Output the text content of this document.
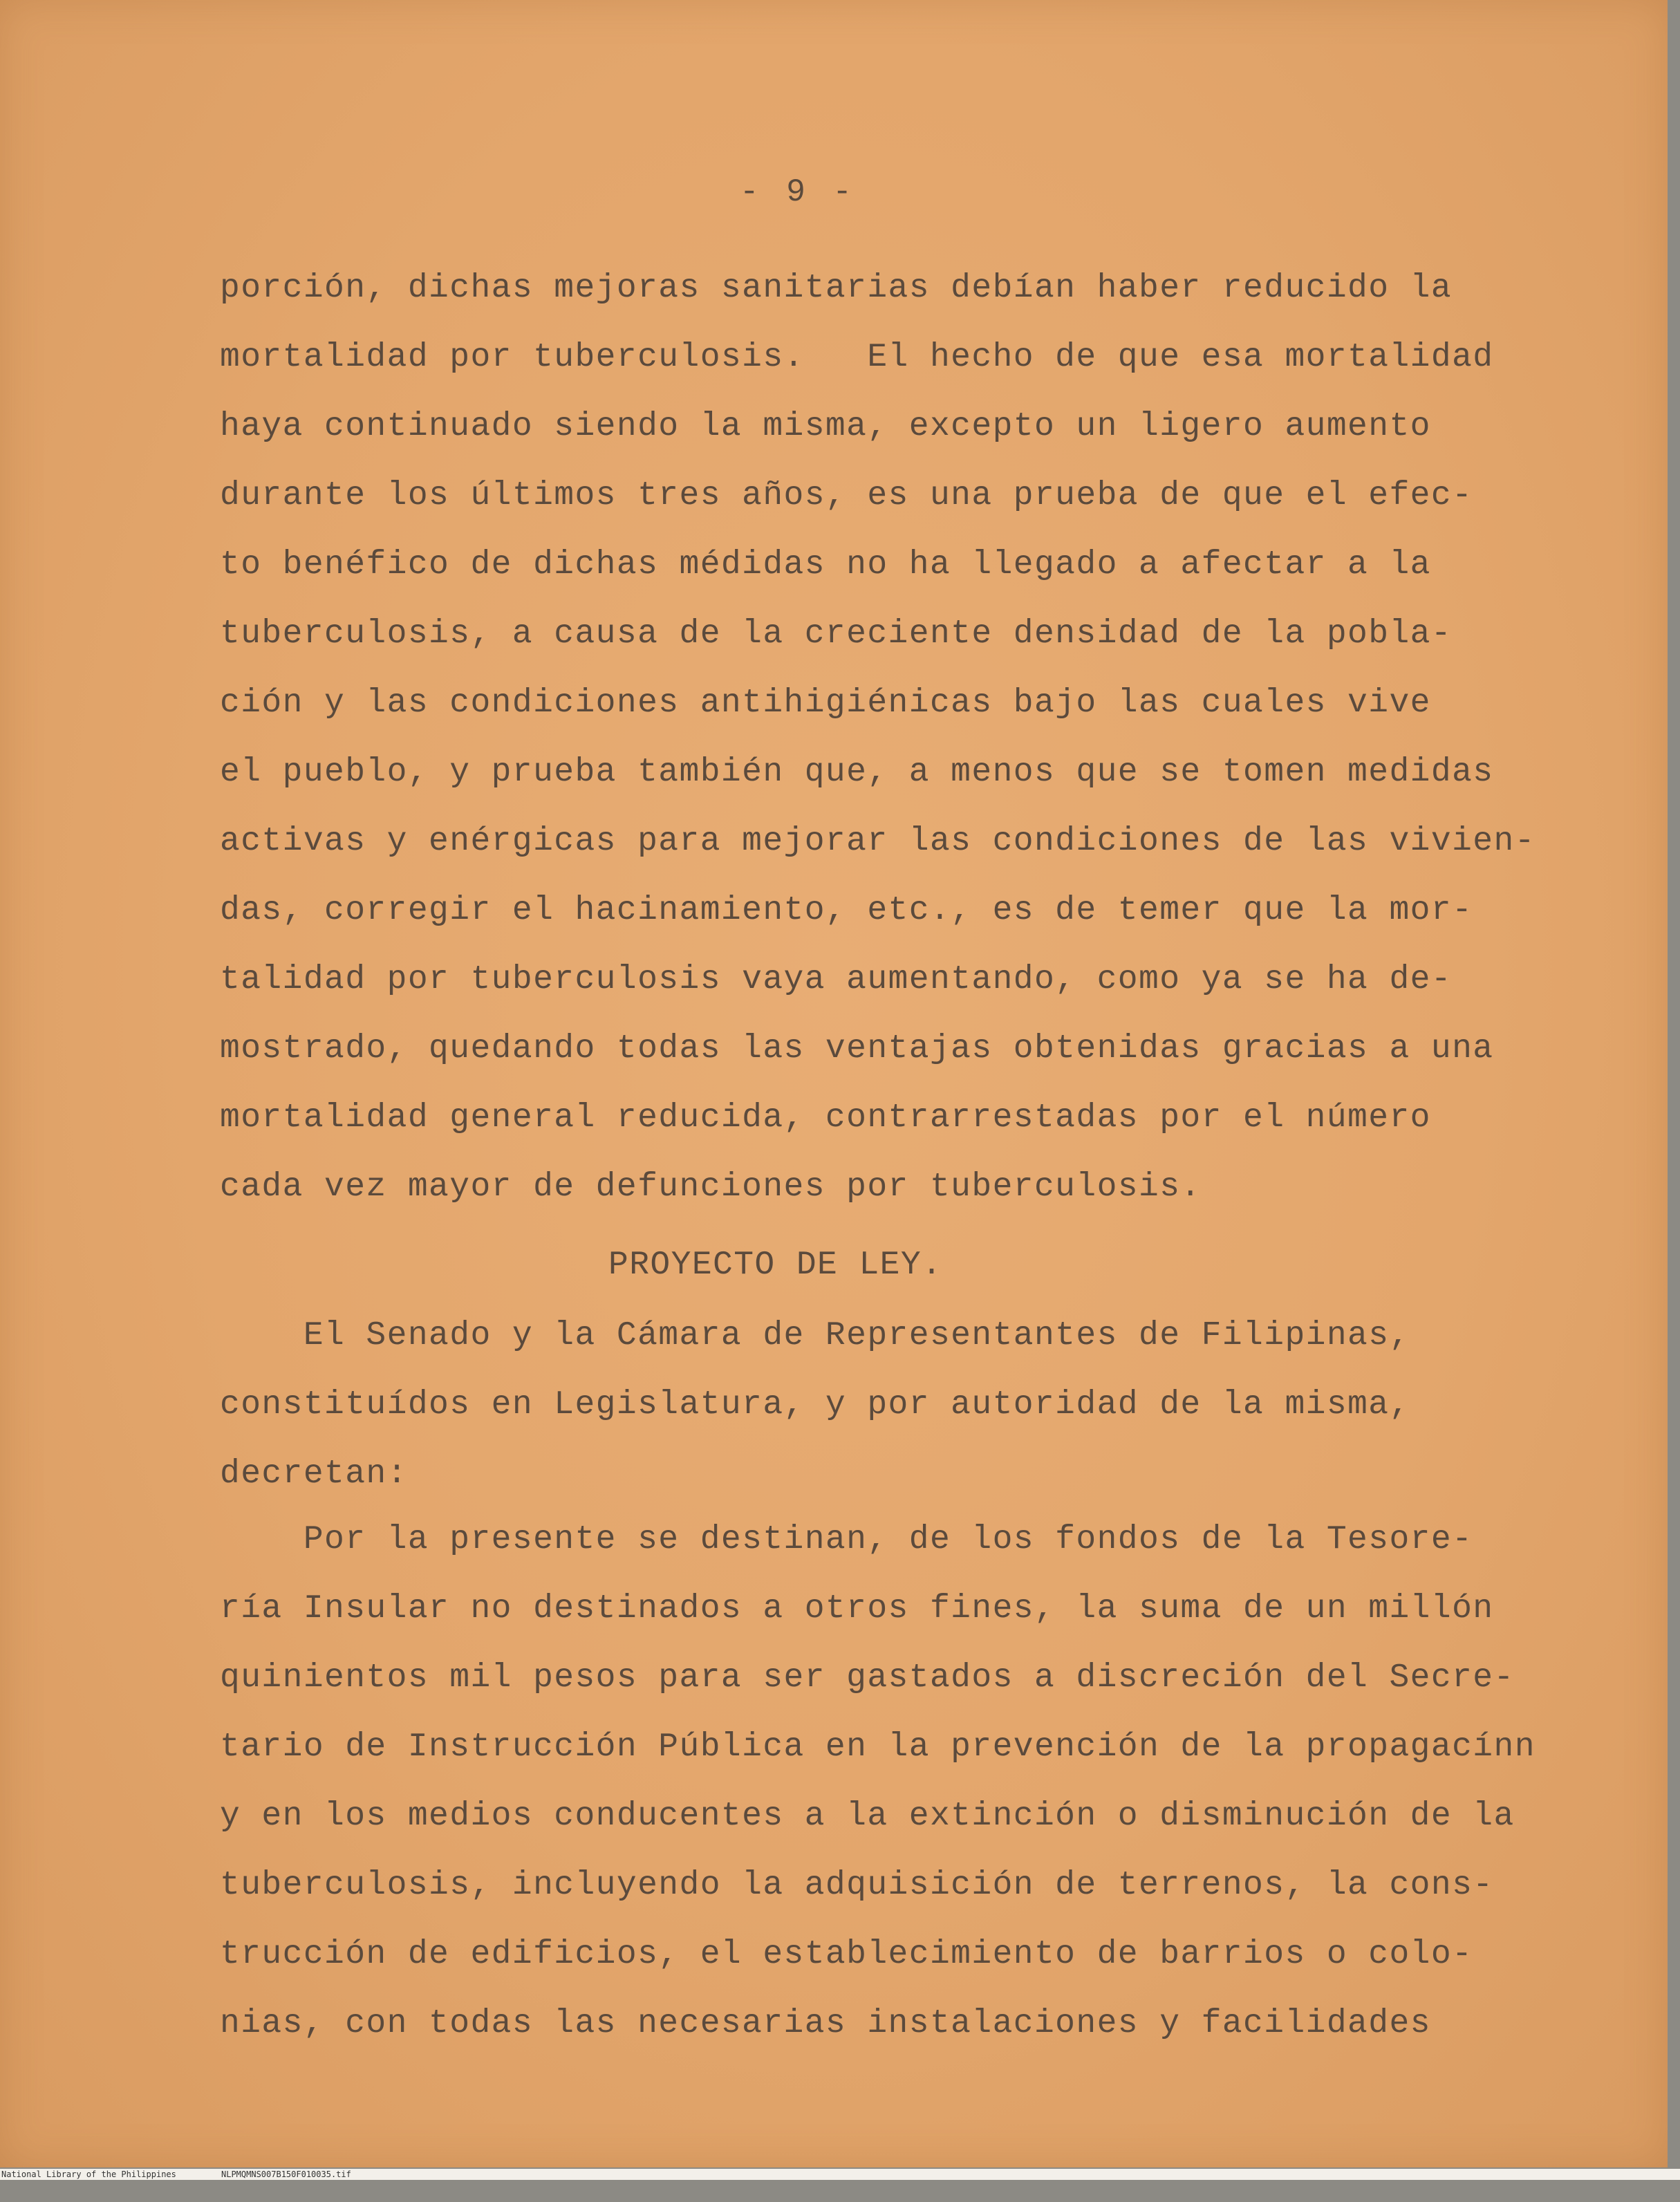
- 9 -
porción, dichas mejoras sanitarias debían haber reducido la
mortalidad por tuberculosis.   El hecho de que esa mortalidad
haya continuado siendo la misma, excepto un ligero aumento
durante los últimos tres años, es una prueba de que el efec-
to benéfico de dichas médidas no ha llegado a afectar a la
tuberculosis, a causa de la creciente densidad de la pobla-
ción y las condiciones antihigiénicas bajo las cuales vive
el pueblo, y prueba también que, a menos que se tomen medidas
activas y enérgicas para mejorar las condiciones de las vivien-
das, corregir el hacinamiento, etc., es de temer que la mor-
talidad por tuberculosis vaya aumentando, como ya se ha de-
mostrado, quedando todas las ventajas obtenidas gracias a una
mortalidad general reducida, contrarrestadas por el número
cada vez mayor de defunciones por tuberculosis.
PROYECTO DE LEY.
El Senado y la Cámara de Representantes de Filipinas,
constituídos en Legislatura, y por autoridad de la misma,
decretan:
Por la presente se destinan, de los fondos de la Tesore-
ría Insular no destinados a otros fines, la suma de un millón
quinientos mil pesos para ser gastados a discreción del Secre-
tario de Instrucción Pública en la prevención de la propagacínn
y en los medios conducentes a la extinción o disminución de la
tuberculosis, incluyendo la adquisición de terrenos, la cons-
trucción de edificios, el establecimiento de barrios o colo-
nias, con todas las necesarias instalaciones y facilidades

National Library of the Philippines

	NLPMQMNS007B150F010035.tif
